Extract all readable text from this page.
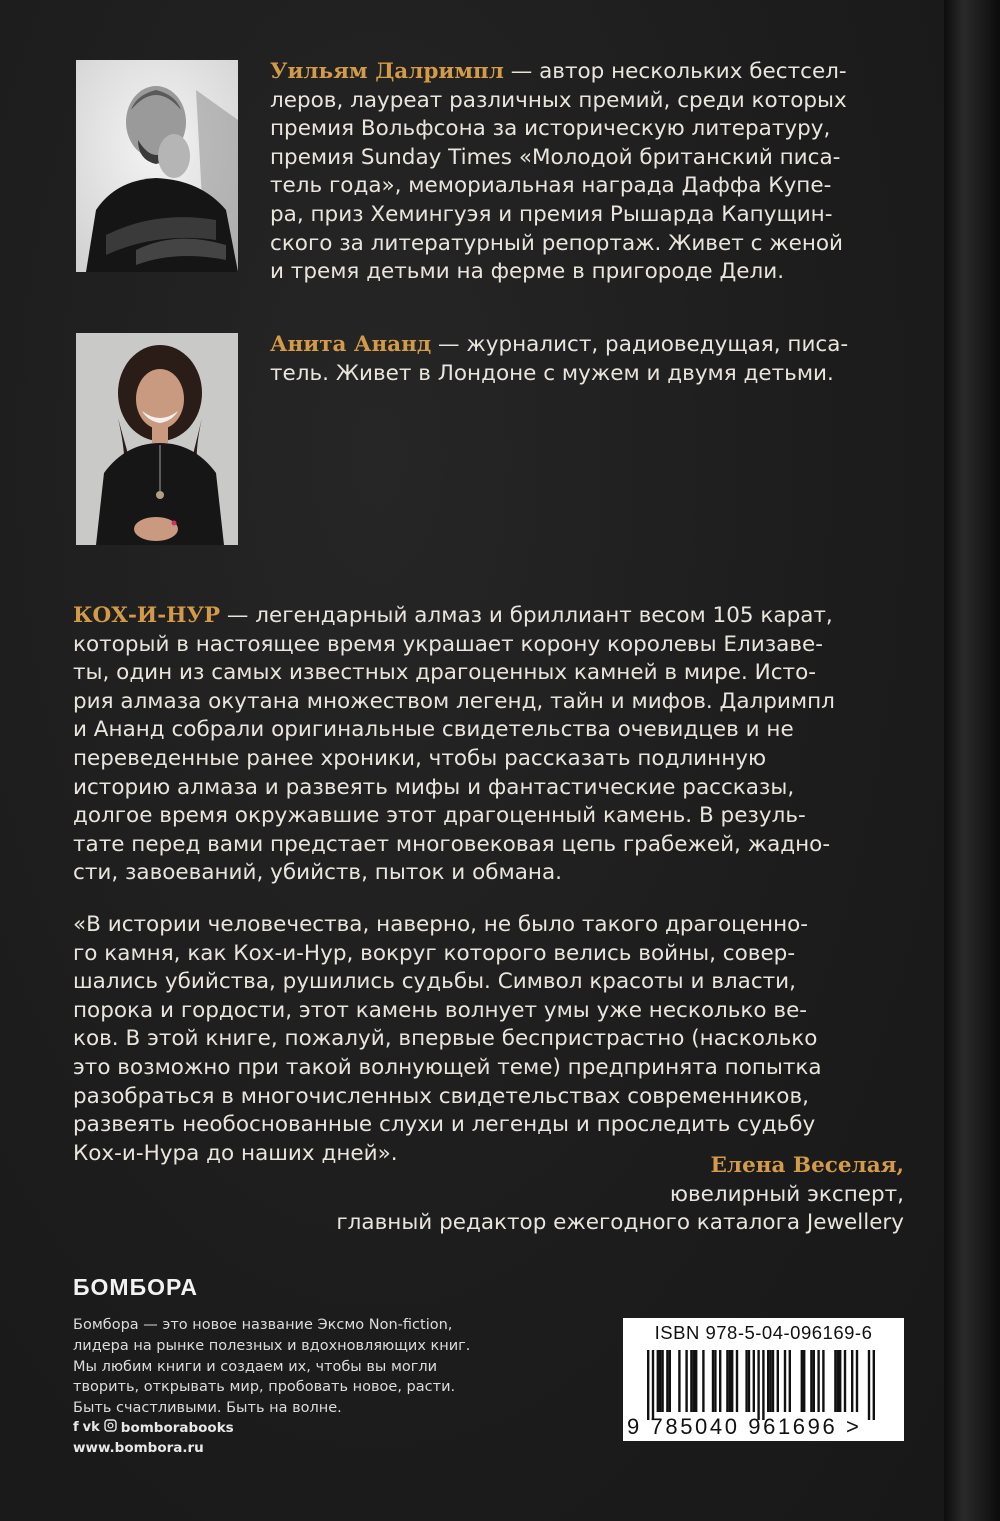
Уильям Далримпл — автор нескольких бестсел-
леров, лауреат различных премий, среди которых
премия Вольфсона за историческую литературу,
премия Sunday Times «Молодой британский писа-
тель года», мемориальная награда Даффа Купе-
ра, приз Хемингуэя и премия Рышарда Капущин-
ского за литературный репортаж. Живет с женой
и тремя детьми на ферме в пригороде Дели.
Анита Ананд — журналист, радиоведущая, писа-
тель. Живет в Лондоне с мужем и двумя детьми.
КОХ-И-НУР — легендарный алмаз и бриллиант весом 105 карат,
который в настоящее время украшает корону королевы Елизаве-
ты, один из самых известных драгоценных камней в мире. Исто-
рия алмаза окутана множеством легенд, тайн и мифов. Далримпл
и Ананд собрали оригинальные свидетельства очевидцев и не
переведенные ранее хроники, чтобы рассказать подлинную
историю алмаза и развеять мифы и фантастические рассказы,
долгое время окружавшие этот драгоценный камень. В резуль-
тате перед вами предстает многовековая цепь грабежей, жадно-
сти, завоеваний, убийств, пыток и обмана.
«В истории человечества, наверно, не было такого драгоценно-
го камня, как Кох-и-Нур, вокруг которого велись войны, совер-
шались убийства, рушились судьбы. Символ красоты и власти,
порока и гордости, этот камень волнует умы уже несколько ве-
ков. В этой книге, пожалуй, впервые беспристрастно (насколько
это возможно при такой волнующей теме) предпринята попытка
разобраться в многочисленных свидетельствах современников,
развеять необоснованные слухи и легенды и проследить судьбу
Кох-и-Нура до наших дней».	Елена Веселая,
ювелирный эксперт,
главный редактор ежегодного каталога Jewellery
БОМБОРА
Бомбора — это новое название Эксмо Non-fiction,
лидера на рынке полезных и вдохновляющих книг.
Мы любим книги и создаем их, чтобы вы могли
творить, открывать мир, пробовать новое, расти.
Быть счастливыми. Быть на волне.
f vk bomborabooks
www.bombora.ru
ISBN 978-5-04-096169-6
9 785040 961696 >
